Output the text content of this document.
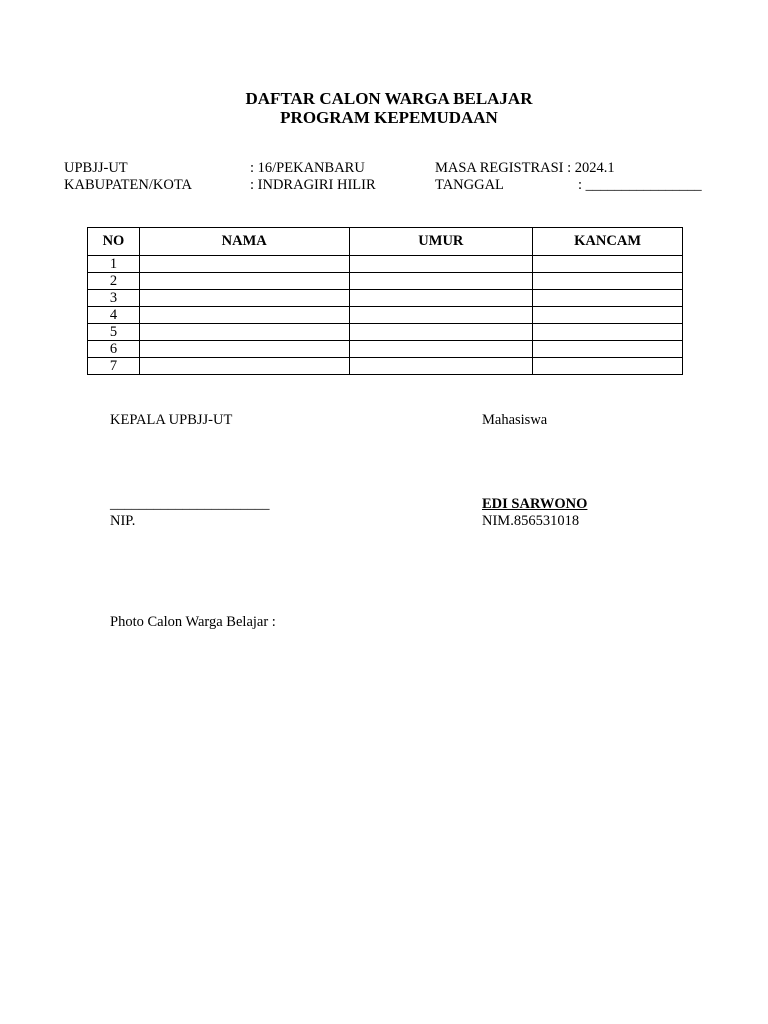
DAFTAR CALON WARGA BELAJAR
PROGRAM KEPEMUDAAN
UPBJJ-UT	: 16/PEKANBARU	MASA REGISTRASI : 2024.1
KABUPATEN/KOTA	: INDRAGIRI HILIR	TANGGAL	: ________________
NO	NAMA	UMUR	KANCAM
1			
2			
3			
4			
5			
6			
7			
KEPALA UPBJJ-UT	Mahasiswa
______________________	EDI SARWONO
NIP.	NIM.856531018
Photo Calon Warga Belajar :
